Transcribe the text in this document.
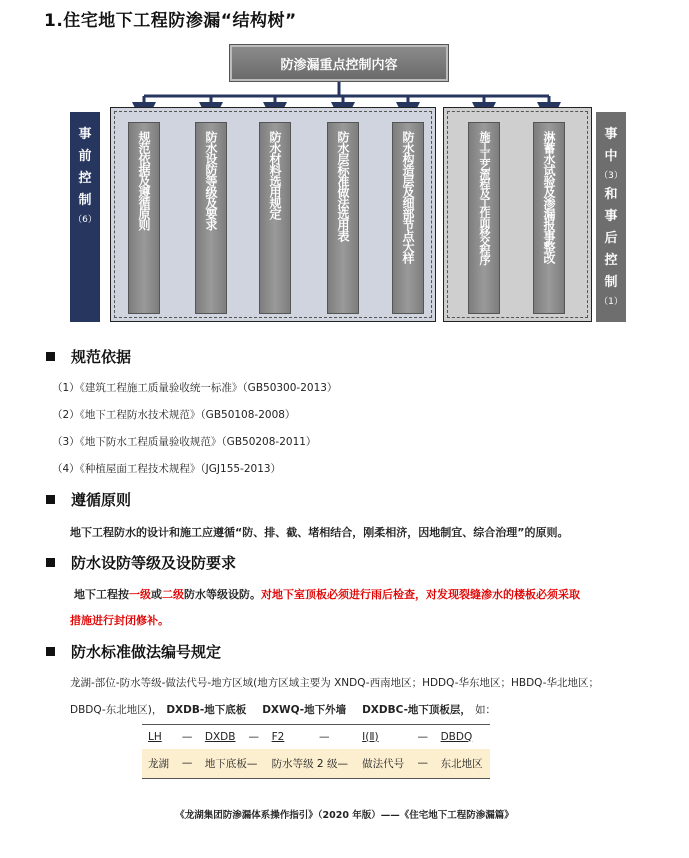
1.住宅地下工程防渗漏“结构树”
防渗漏重点控制内容
事
前
控
制
（6）	规范依据及遵循原则	防水设防等级及要求	防水材料选用规定	防水层标准做法选用表	防水构造层及细部节点大样	施工工艺流程及工作面移交程序	淋蓄水试验及渗漏报事整改	事
中
（3）
和
事
后
控
制
（1）
规范依据
（1）《建筑工程施工质量验收统一标准》（GB50300-2013）
（2）《地下工程防水技术规范》（GB50108-2008）
（3）《地下防水工程质量验收规范》（GB50208-2011）
（4）《种植屋面工程技术规程》（JGJ155-2013）
遵循原则
地下工程防水的设计和施工应遵循“防、排、截、堵相结合，刚柔相济，因地制宜、综合治理”的原则。
防水设防等级及设防要求
地下工程按一级或二级防水等级设防。对地下室顶板必须进行雨后检查，对发现裂缝渗水的楼板必须采取
措施进行封闭修补。
防水标准做法编号规定
龙湖-部位-防水等级-做法代号-地方区域(地方区域主要为 XNDQ-西南地区；HDDQ-华东地区；HBDQ-华北地区；
DBDQ-东北地区)， DXDB-地下底板 DXWQ-地下外墙 DXDBC-地下顶板层， 如：
LH	—	DXDB	—	F2	—	Ⅰ(Ⅱ)	—	DBDQ
龙湖	—	地下底板—		防水等级 2 级—		做法代号	—	东北地区
《龙湖集团防渗漏体系操作指引》（2020 年版）——《住宅地下工程防渗漏篇》
